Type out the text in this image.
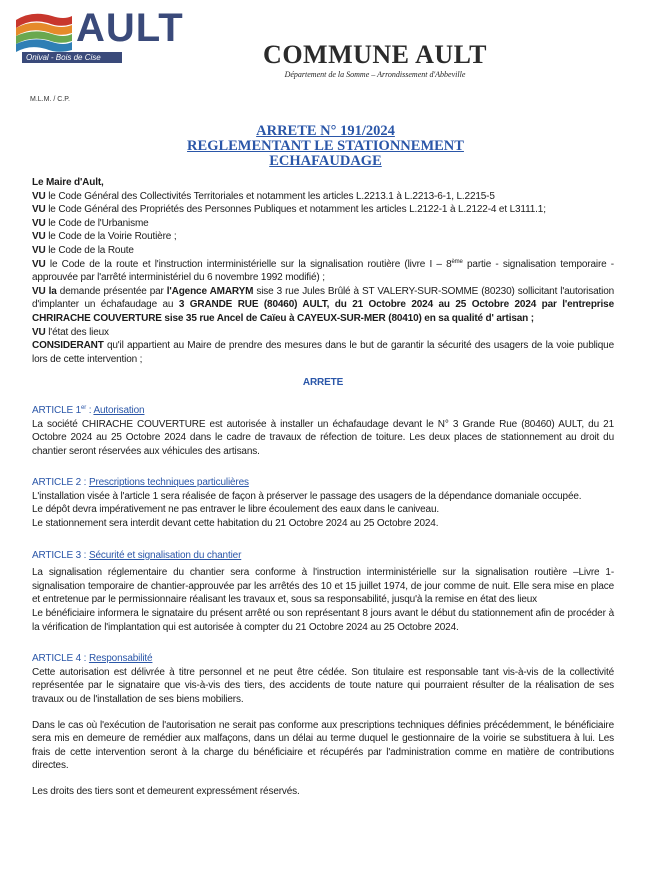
AULT
Onival - Bois de Cise
M.L.M. / C.P.
COMMUNE AULT
Département de la Somme – Arrondissement d'Abbeville
ARRETE N° 191/2024
REGLEMENTANT LE STATIONNEMENT
ECHAFAUDAGE

Le Maire d'Ault,

VU le Code Général des Collectivités Territoriales et notamment les articles L.2213.1 à L.2213-6-1, L.2215-5

VU le Code Général des Propriétés des Personnes Publiques et notamment les articles L.2122-1 à L.2122-4 et L3111.1;

VU le Code de l'Urbanisme

VU le Code de la Voirie Routière ;

VU le Code de la Route

VU le Code de la route et l'instruction interministérielle sur la signalisation routière (livre I – 8ème partie - signalisation temporaire - approuvée par l'arrêté interministériel du 6 novembre 1992 modifié) ;

VU la demande présentée par l'Agence AMARYM sise 3 rue Jules Brûlé à ST VALERY-SUR-SOMME (80230) sollicitant l'autorisation d'implanter un échafaudage au 3 GRANDE RUE (80460) AULT, du 21 Octobre 2024 au 25 Octobre 2024 par l'entreprise CHRIRACHE COUVERTURE sise 35 rue Ancel de Caïeu à CAYEUX-SUR-MER (80410) en sa qualité d' artisan ;

VU l'état des lieux

CONSIDERANT qu'il appartient au Maire de prendre des mesures dans le but de garantir la sécurité des usagers de la voie publique lors de cette intervention ;

ARRETE

ARTICLE 1er : Autorisation

La société CHIRACHE COUVERTURE est autorisée à installer un échafaudage devant le N° 3 Grande Rue (80460) AULT, du 21 Octobre 2024 au 25 Octobre 2024 dans le cadre de travaux de réfection de toiture. Les deux places de stationnement au droit du chantier seront réservées aux véhicules des artisans.

ARTICLE 2 : Prescriptions techniques particulières

L'installation visée à l'article 1 sera réalisée de façon à préserver le passage des usagers de la dépendance domaniale occupée.

Le dépôt devra impérativement ne pas entraver le libre écoulement des eaux dans le caniveau.

Le stationnement sera interdit devant cette habitation du 21 Octobre 2024 au 25 Octobre 2024.

ARTICLE 3 : Sécurité et signalisation du chantier

La signalisation réglementaire du chantier sera conforme à l'instruction interministérielle sur la signalisation routière –Livre 1- signalisation temporaire de chantier-approuvée par les arrêtés des 10 et 15 juillet 1974, de jour comme de nuit. Elle sera mise en place et entretenue par le permissionnaire réalisant les travaux et, sous sa responsabilité, jusqu'à la remise en état des lieux

Le bénéficiaire informera le signataire du présent arrêté ou son représentant 8 jours avant le début du stationnement afin de procéder à la vérification de l'implantation qui est autorisée à compter du 21 Octobre 2024 au 25 Octobre 2024.

ARTICLE 4 : Responsabilité

Cette autorisation est délivrée à titre personnel et ne peut être cédée. Son titulaire est responsable tant vis-à-vis de la collectivité représentée par le signataire que vis-à-vis des tiers, des accidents de toute nature qui pourraient résulter de la réalisation de ses travaux ou de l'installation de ses biens mobiliers.

Dans le cas où l'exécution de l'autorisation ne serait pas conforme aux prescriptions techniques définies précédemment, le bénéficiaire sera mis en demeure de remédier aux malfaçons, dans un délai au terme duquel le gestionnaire de la voirie se substituera à lui. Les frais de cette intervention seront à la charge du bénéficiaire et récupérés par l'administration comme en matière de contributions directes.

Les droits des tiers sont et demeurent expressément réservés.
